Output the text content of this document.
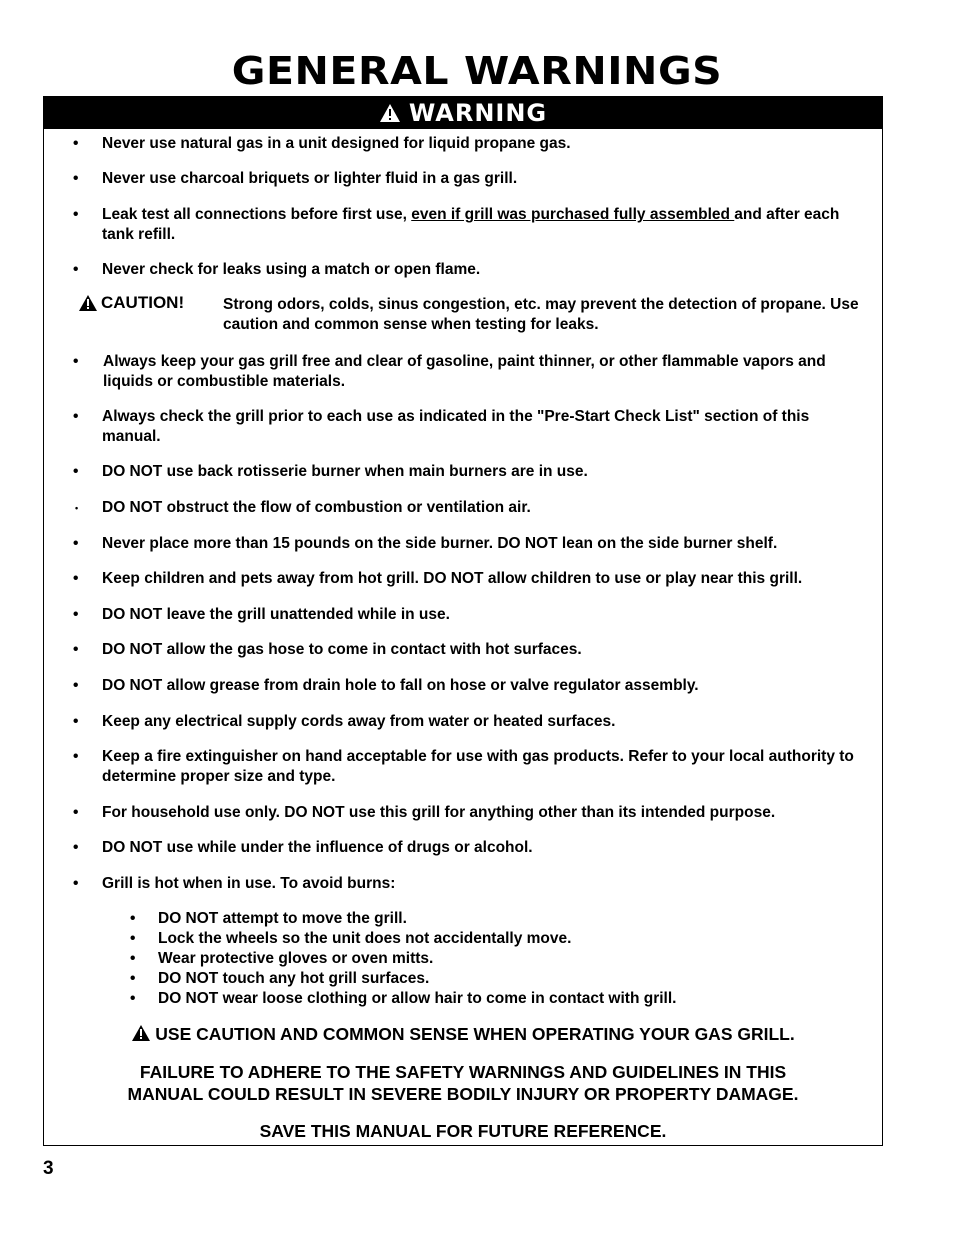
GENERAL WARNINGS
WARNING
• Never use natural gas in a unit designed for liquid propane gas.
• Never use charcoal briquets or lighter fluid in a gas grill.
• Leak test all connections before first use, even if grill was purchased fully assembled and after each tank refill.
• Never check for leaks using a match or open flame.
CAUTION!	Strong odors, colds, sinus congestion, etc. may prevent the detection of propane. Use caution and common sense when testing for leaks.
• Always keep your gas grill free and clear of gasoline, paint thinner, or other flammable vapors and liquids or combustible materials.
• Always check the grill prior to each use as indicated in the "Pre-Start Check List" section of this manual.
• DO NOT use back rotisserie burner when main burners are in use.
• DO NOT obstruct the flow of combustion or ventilation air.
• Never place more than 15 pounds on the side burner. DO NOT lean on the side burner shelf.
• Keep children and pets away from hot grill. DO NOT allow children to use or play near this grill.
• DO NOT leave the grill unattended while in use.
• DO NOT allow the gas hose to come in contact with hot surfaces.
• DO NOT allow grease from drain hole to fall on hose or valve regulator assembly.
• Keep any electrical supply cords away from water or heated surfaces.
• Keep a fire extinguisher on hand acceptable for use with gas products. Refer to your local authority to determine proper size and type.
• For household use only. DO NOT use this grill for anything other than its intended purpose.
• DO NOT use while under the influence of drugs or alcohol.
• Grill is hot when in use. To avoid burns:
• DO NOT attempt to move the grill.
• Lock the wheels so the unit does not accidentally move.
• Wear protective gloves or oven mitts.
• DO NOT touch any hot grill surfaces.
• DO NOT wear loose clothing or allow hair to come in contact with grill.
USE CAUTION AND COMMON SENSE WHEN OPERATING YOUR GAS GRILL.
FAILURE TO ADHERE TO THE SAFETY WARNINGS AND GUIDELINES IN THIS
MANUAL COULD RESULT IN SEVERE BODILY INJURY OR PROPERTY DAMAGE.
SAVE THIS MANUAL FOR FUTURE REFERENCE.
3
